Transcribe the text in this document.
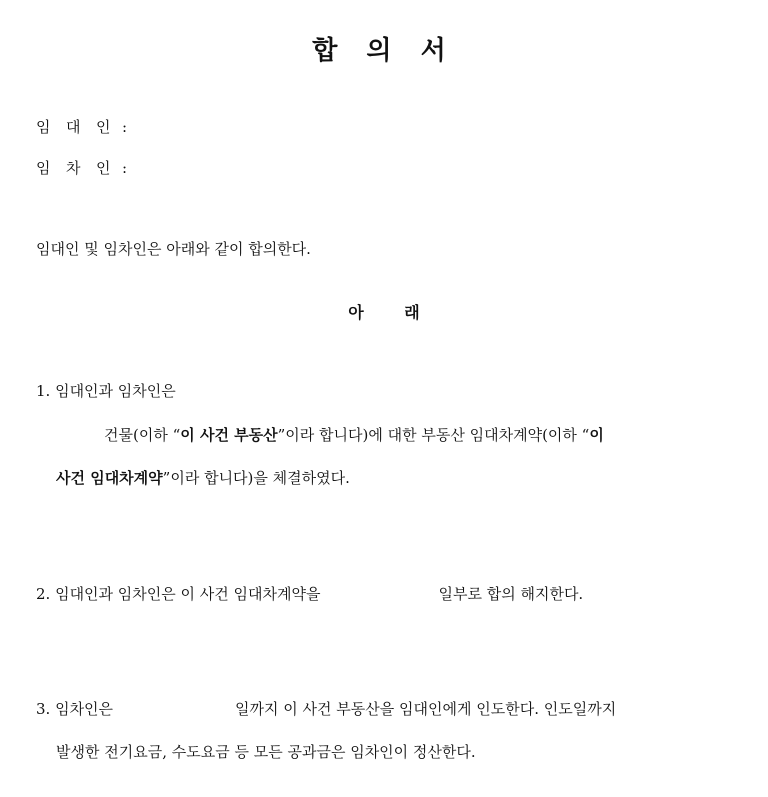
합 의 서
임 대 인 :
임 차 인 :
임대인 및 임차인은 아래와 같이 합의한다.
아	래
1. 임대인과 임차인은
건물(이하 “이 사건 부동산”이라 합니다)에 대한 부동산 임대차계약(이하 “이
사건 임대차계약”이라 합니다)을 체결하였다.
2. 임대인과 임차인은 이 사건 임대차계약을	일부로 합의 해지한다.
3. 임차인은	일까지 이 사건 부동산을 임대인에게 인도한다. 인도일까지
발생한 전기요금, 수도요금 등 모든 공과금은 임차인이 정산한다.
